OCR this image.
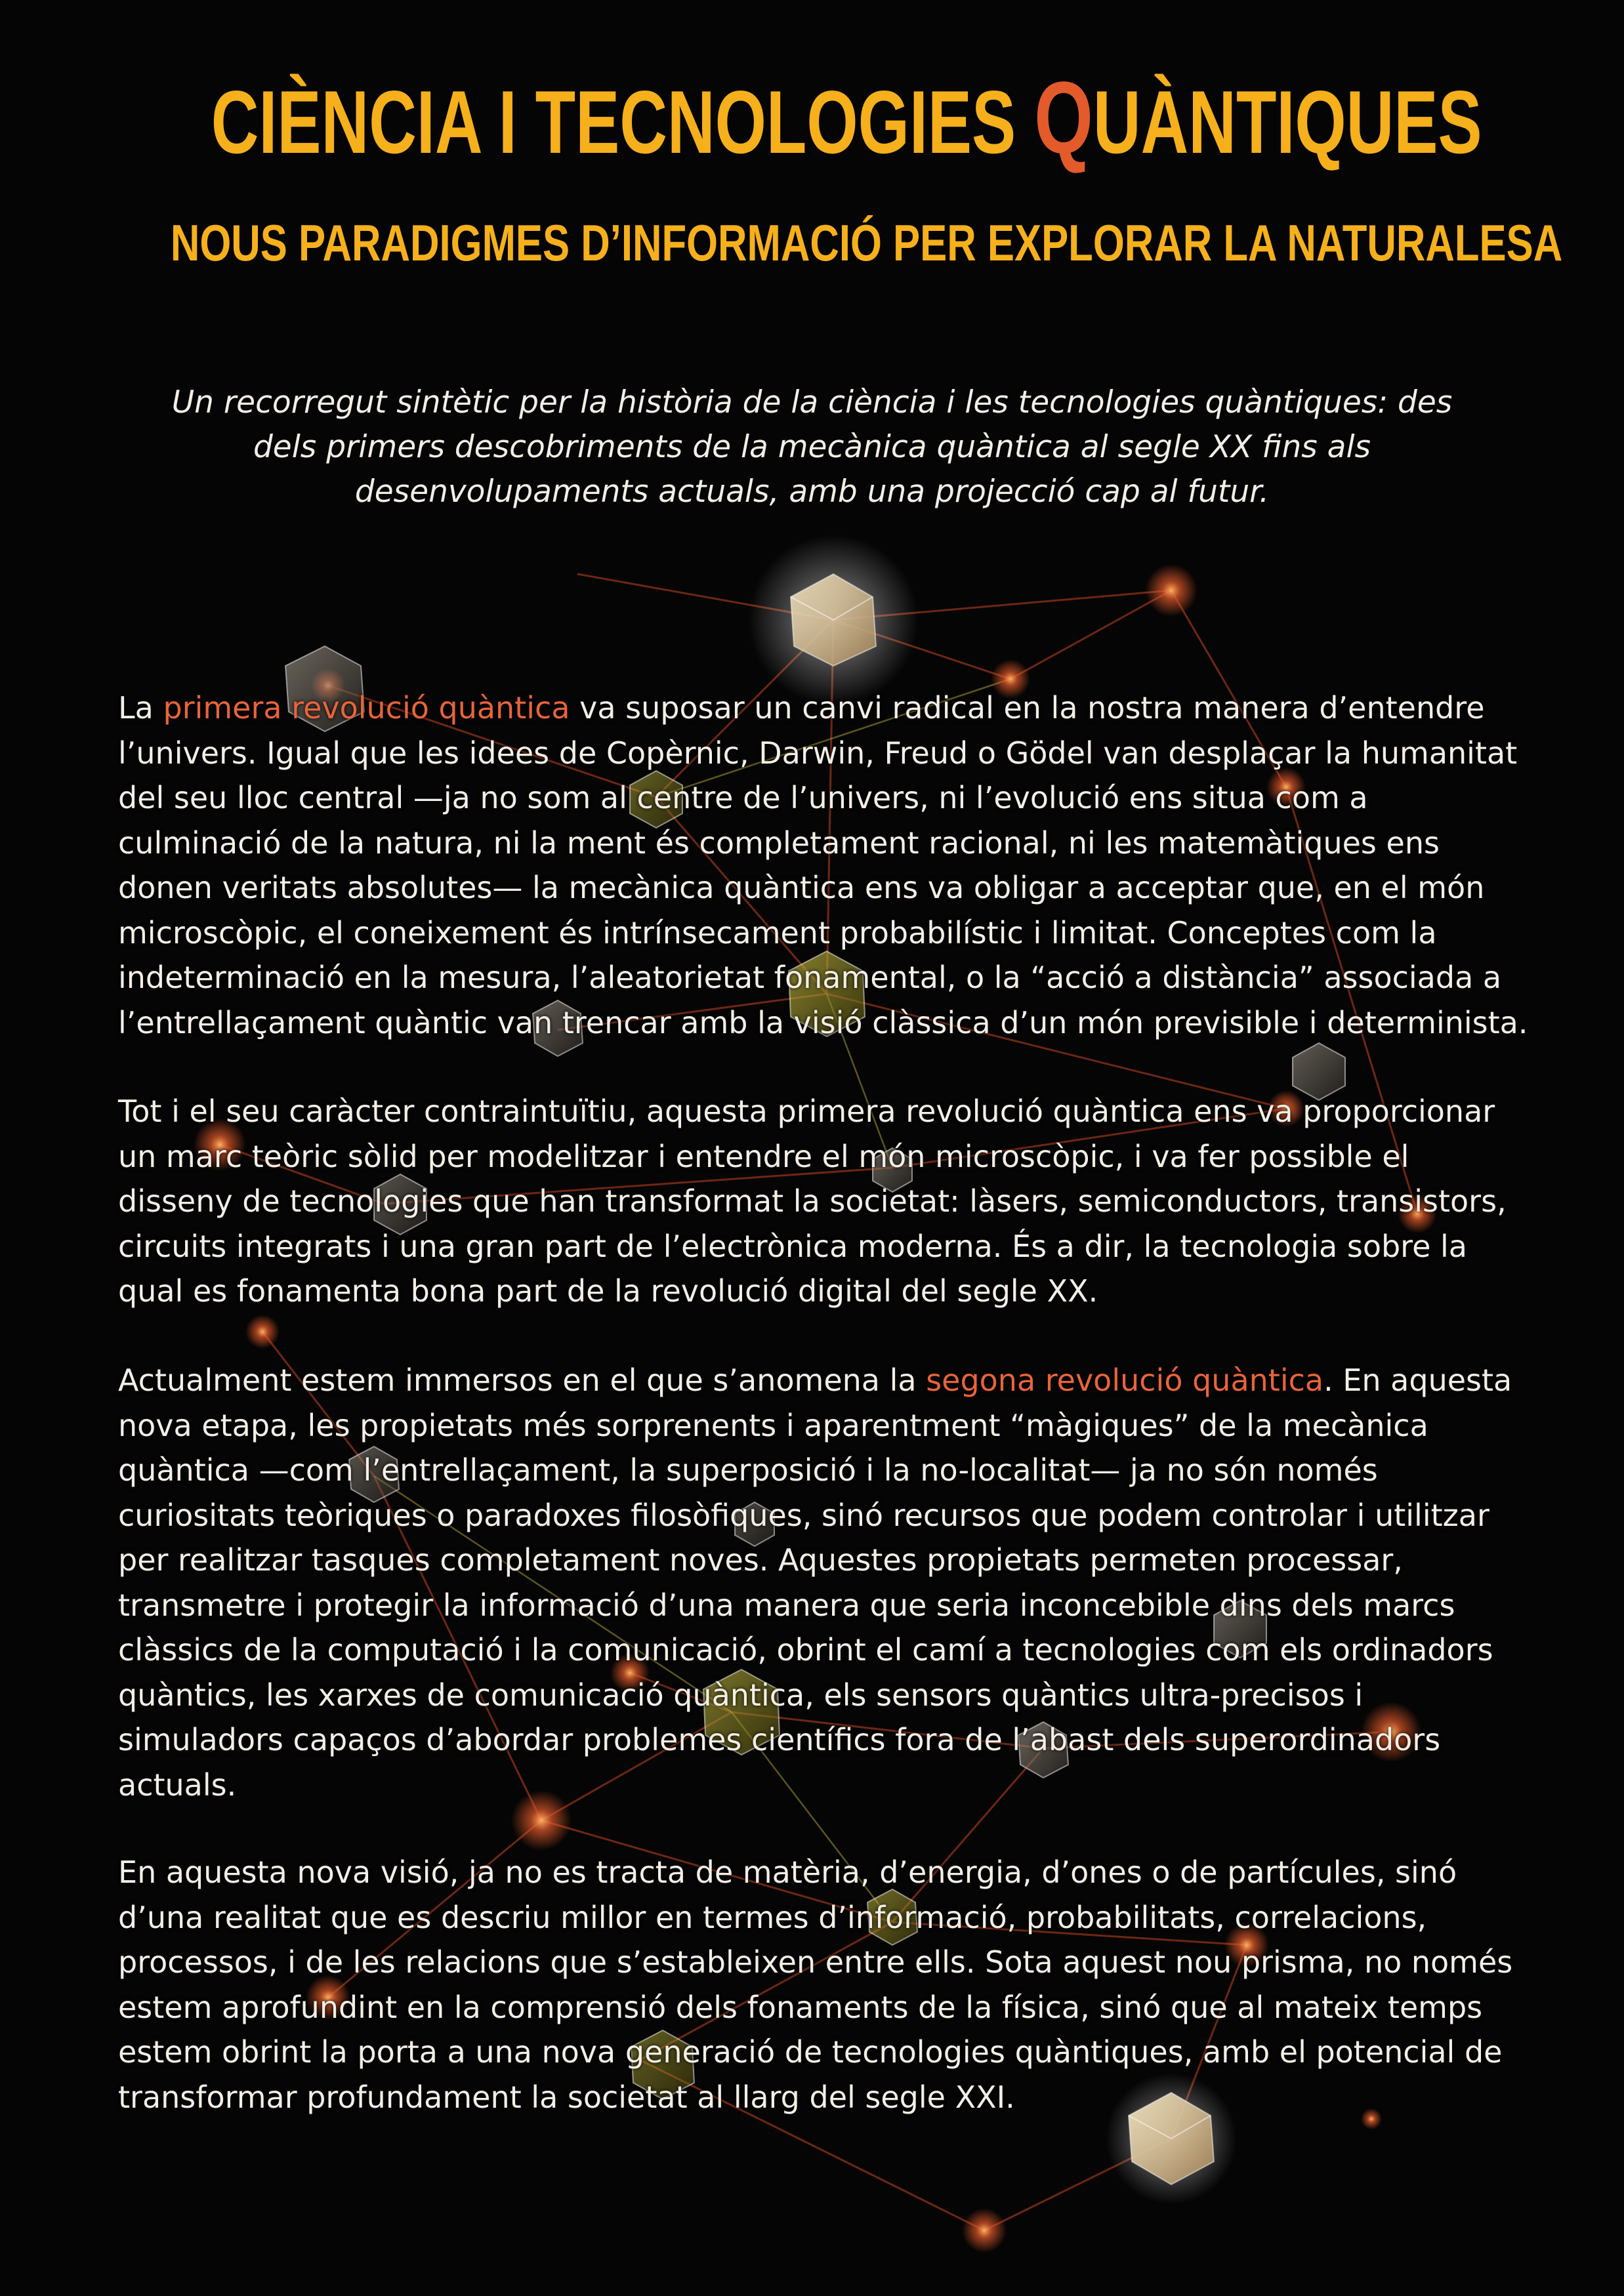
CIÈNCIA I TECNOLOGIES QUÀNTIQUES
NOUS PARADIGMES D’INFORMACIÓ PER EXPLORAR LA NATURALESA

Un recorregut sintètic per la història de la ciència i les tecnologies quàntiques: des dels primers descobriments de la mecànica quàntica al segle XX fins als desenvolupaments actuals, amb una projecció cap al futur.

La primera revolució quàntica va suposar un canvi radical en la nostra manera d’entendre l’univers. Igual que les idees de Copèrnic, Darwin, Freud o Gödel van desplaçar la humanitat del seu lloc central —ja no som al centre de l’univers, ni l’evolució ens situa com a culminació de la natura, ni la ment és completament racional, ni les matemàtiques ens donen veritats absolutes— la mecànica quàntica ens va obligar a acceptar que, en el món microscòpic, el coneixement és intrínsecament probabilístic i limitat. Conceptes com la indeterminació en la mesura, l’aleatorietat fonamental, o la “acció a distància” associada a l’entrellaçament quàntic van trencar amb la visió clàssica d’un món previsible i determinista.

Tot i el seu caràcter contraintuïtiu, aquesta primera revolució quàntica ens va proporcionar un marc teòric sòlid per modelitzar i entendre el món microscòpic, i va fer possible el disseny de tecnologies que han transformat la societat: làsers, semiconductors, transistors, circuits integrats i una gran part de l’electrònica moderna. És a dir, la tecnologia sobre la qual es fonamenta bona part de la revolució digital del segle XX.

Actualment estem immersos en el que s’anomena la segona revolució quàntica. En aquesta nova etapa, les propietats més sorprenents i aparentment “màgiques” de la mecànica quàntica —com l’entrellaçament, la superposició i la no-localitat— ja no són només curiositats teòriques o paradoxes filosòfiques, sinó recursos que podem controlar i utilitzar per realitzar tasques completament noves. Aquestes propietats permeten processar, transmetre i protegir la informació d’una manera que seria inconcebible dins dels marcs clàssics de la computació i la comunicació, obrint el camí a tecnologies com els ordinadors quàntics, les xarxes de comunicació quàntica, els sensors quàntics ultra-precisos i simuladors capaços d’abordar problemes científics fora de l’abast dels superordinadors actuals.

En aquesta nova visió, ja no es tracta de matèria, d’energia, d’ones o de partícules, sinó d’una realitat que es descriu millor en termes d’informació, probabilitats, correlacions, processos, i de les relacions que s’estableixen entre ells. Sota aquest nou prisma, no només estem aprofundint en la comprensió dels fonaments de la física, sinó que al mateix temps estem obrint la porta a una nova generació de tecnologies quàntiques, amb el potencial de transformar profundament la societat al llarg del segle XXI.
